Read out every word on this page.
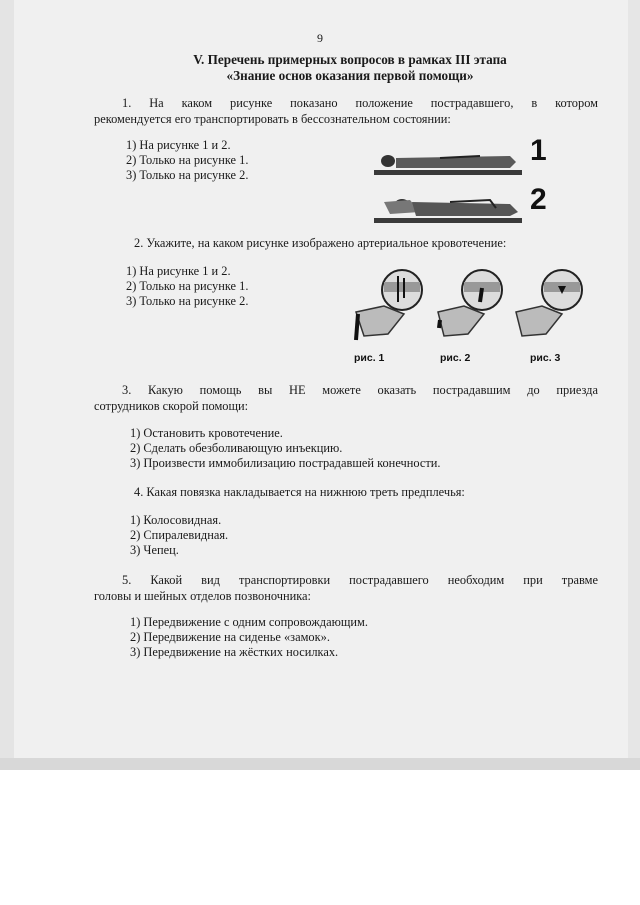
9
V. Перечень примерных вопросов в рамках III этапа
«Знание основ оказания первой помощи»
1. На каком рисунке показано положение пострадавшего, в котором
рекомендуется его транспортировать в бессознательном состоянии:
1) На рисунке 1 и 2.
2) Только на рисунке 1.
3) Только на рисунке 2.
1
2
2. Укажите, на каком рисунке изображено артериальное кровотечение:
1) На рисунке 1 и 2.
2) Только на рисунке 1.
3) Только на рисунке 2.
рис. 1	рис. 2	рис. 3
3. Какую помощь вы НЕ можете оказать пострадавшим до приезда
сотрудников скорой помощи:
1) Остановить кровотечение.
2) Сделать обезболивающую инъекцию.
3) Произвести иммобилизацию пострадавшей конечности.
4. Какая повязка накладывается на нижнюю треть предплечья:
1) Колосовидная.
2) Спиралевидная.
3) Чепец.
5. Какой вид транспортировки пострадавшего необходим при травме
головы и шейных отделов позвоночника:
1) Передвижение с одним сопровождающим.
2) Передвижение на сиденье «замок».
3) Передвижение на жёстких носилках.
